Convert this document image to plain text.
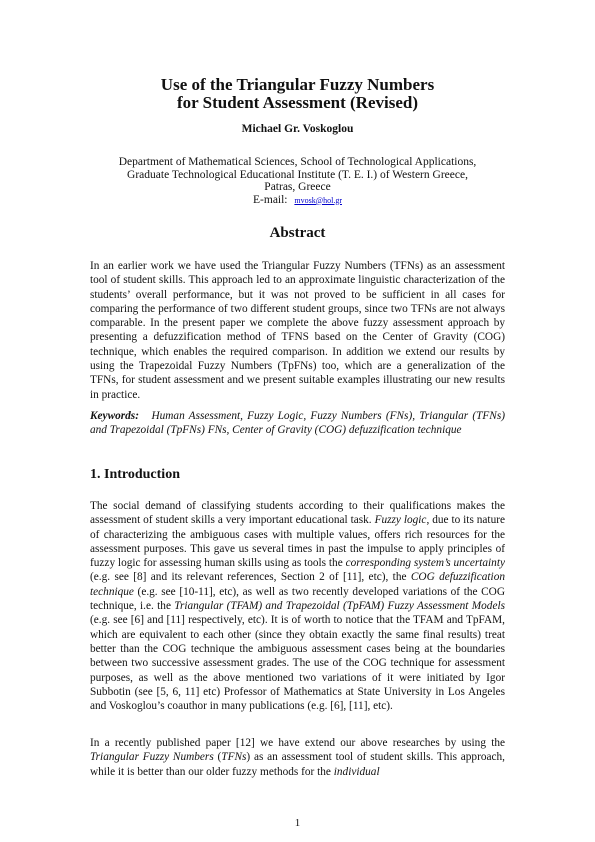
Use of the Triangular Fuzzy Numbers
for Student Assessment (Revised)
Michael Gr. Voskoglou
Department of Mathematical Sciences, School of Technological Applications,
Graduate Technological Educational Institute (T. E. I.) of Western Greece,
Patras, Greece
E-mail: mvosk@hol.gr
Abstract

In an earlier work we have used the Triangular Fuzzy Numbers (TFNs) as an assessment tool of student skills. This approach led to an approximate linguistic characterization of the students’ overall performance, but it was not proved to be sufficient in all cases for comparing the performance of two different student groups, since two TFNs are not always comparable. In the present paper we complete the above fuzzy assessment approach by presenting a defuzzification method of TFNS based on the Center of Gravity (COG) technique, which enables the required comparison. In addition we extend our results by using the Trapezoidal Fuzzy Numbers (TpFNs) too, which are a generalization of the TFNs, for student assessment and we present suitable examples illustrating our new results in practice.

Keywords: Human Assessment, Fuzzy Logic, Fuzzy Numbers (FNs), Triangular (TFNs) and Trapezoidal (TpFNs) FNs, Center of Gravity (COG) defuzzification technique

1. Introduction

The social demand of classifying students according to their qualifications makes the assessment of student skills a very important educational task. Fuzzy logic, due to its nature of characterizing the ambiguous cases with multiple values, offers rich resources for the assessment purposes. This gave us several times in past the impulse to apply principles of fuzzy logic for assessing human skills using as tools the corresponding system’s uncertainty (e.g. see [8] and its relevant references, Section 2 of [11], etc), the COG defuzzification technique (e.g. see [10-11], etc), as well as two recently developed variations of the COG technique, i.e. the Triangular (TFAM) and Trapezoidal (TpFAM) Fuzzy Assessment Models (e.g. see [6] and [11] respectively, etc). It is of worth to notice that the TFAM and TpFAM, which are equivalent to each other (since they obtain exactly the same final results) treat better than the COG technique the ambiguous assessment cases being at the boundaries between two successive assessment grades. The use of the COG technique for assessment purposes, as well as the above mentioned two variations of it were initiated by Igor Subbotin (see [5, 6, 11] etc) Professor of Mathematics at State University in Los Angeles and Voskoglou’s coauthor in many publications (e.g. [6], [11], etc).

In a recently published paper [12] we have extend our above researches by using the Triangular Fuzzy Numbers (TFNs) as an assessment tool of student skills. This approach, while it is better than our older fuzzy methods for the individual

1
